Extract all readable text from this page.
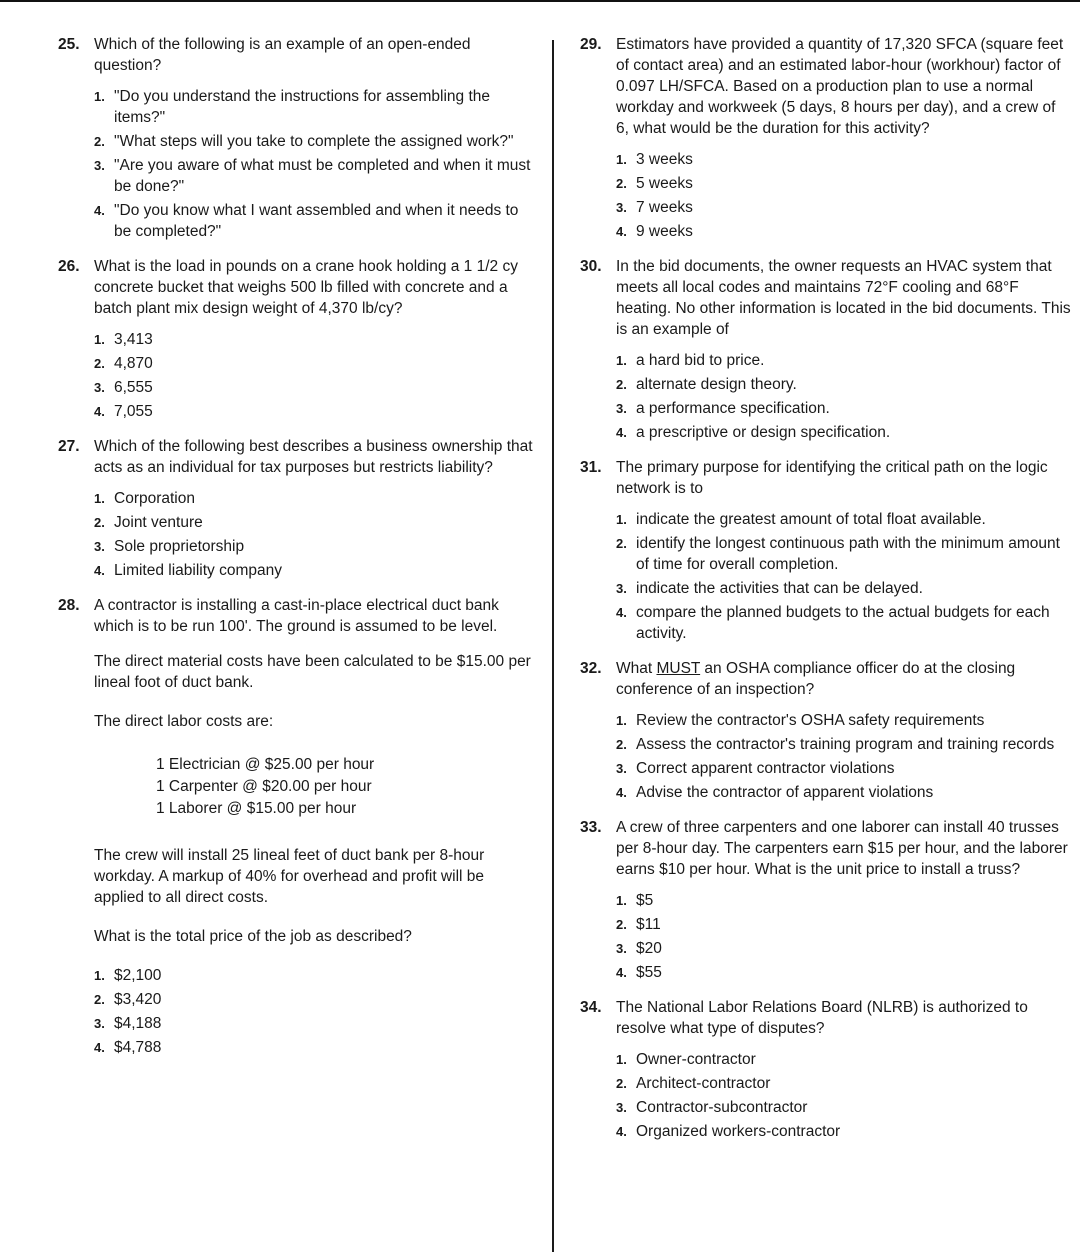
25. Which of the following is an example of an open-ended question?
1. "Do you understand the instructions for assembling the items?"
2. "What steps will you take to complete the assigned work?"
3. "Are you aware of what must be completed and when it must be done?"
4. "Do you know what I want assembled and when it needs to be completed?"
26. What is the load in pounds on a crane hook holding a 1 1/2 cy concrete bucket that weighs 500 lb filled with concrete and a batch plant mix design weight of 4,370 lb/cy?
1. 3,413
2. 4,870
3. 6,555
4. 7,055
27. Which of the following best describes a business ownership that acts as an individual for tax purposes but restricts liability?
1. Corporation
2. Joint venture
3. Sole proprietorship
4. Limited liability company
28. A contractor is installing a cast-in-place electrical duct bank which is to be run 100'. The ground is assumed to be level.
The direct material costs have been calculated to be $15.00 per lineal foot of duct bank.
The direct labor costs are:
1 Electrician @ $25.00 per hour
1 Carpenter @ $20.00 per hour
1 Laborer @ $15.00 per hour
The crew will install 25 lineal feet of duct bank per 8-hour workday. A markup of 40% for overhead and profit will be applied to all direct costs.
What is the total price of the job as described?
1. $2,100
2. $3,420
3. $4,188
4. $4,788
29. Estimators have provided a quantity of 17,320 SFCA (square feet of contact area) and an estimated labor-hour (workhour) factor of 0.097 LH/SFCA. Based on a production plan to use a normal workday and workweek (5 days, 8 hours per day), and a crew of 6, what would be the duration for this activity?
1. 3 weeks
2. 5 weeks
3. 7 weeks
4. 9 weeks
30. In the bid documents, the owner requests an HVAC system that meets all local codes and maintains 72°F cooling and 68°F heating. No other information is located in the bid documents. This is an example of
1. a hard bid to price.
2. alternate design theory.
3. a performance specification.
4. a prescriptive or design specification.
31. The primary purpose for identifying the critical path on the logic network is to
1. indicate the greatest amount of total float available.
2. identify the longest continuous path with the minimum amount of time for overall completion.
3. indicate the activities that can be delayed.
4. compare the planned budgets to the actual budgets for each activity.
32. What MUST an OSHA compliance officer do at the closing conference of an inspection?
1. Review the contractor's OSHA safety requirements
2. Assess the contractor's training program and training records
3. Correct apparent contractor violations
4. Advise the contractor of apparent violations
33. A crew of three carpenters and one laborer can install 40 trusses per 8-hour day. The carpenters earn $15 per hour, and the laborer earns $10 per hour. What is the unit price to install a truss?
1. $5
2. $11
3. $20
4. $55
34. The National Labor Relations Board (NLRB) is authorized to resolve what type of disputes?
1. Owner-contractor
2. Architect-contractor
3. Contractor-subcontractor
4. Organized workers-contractor
